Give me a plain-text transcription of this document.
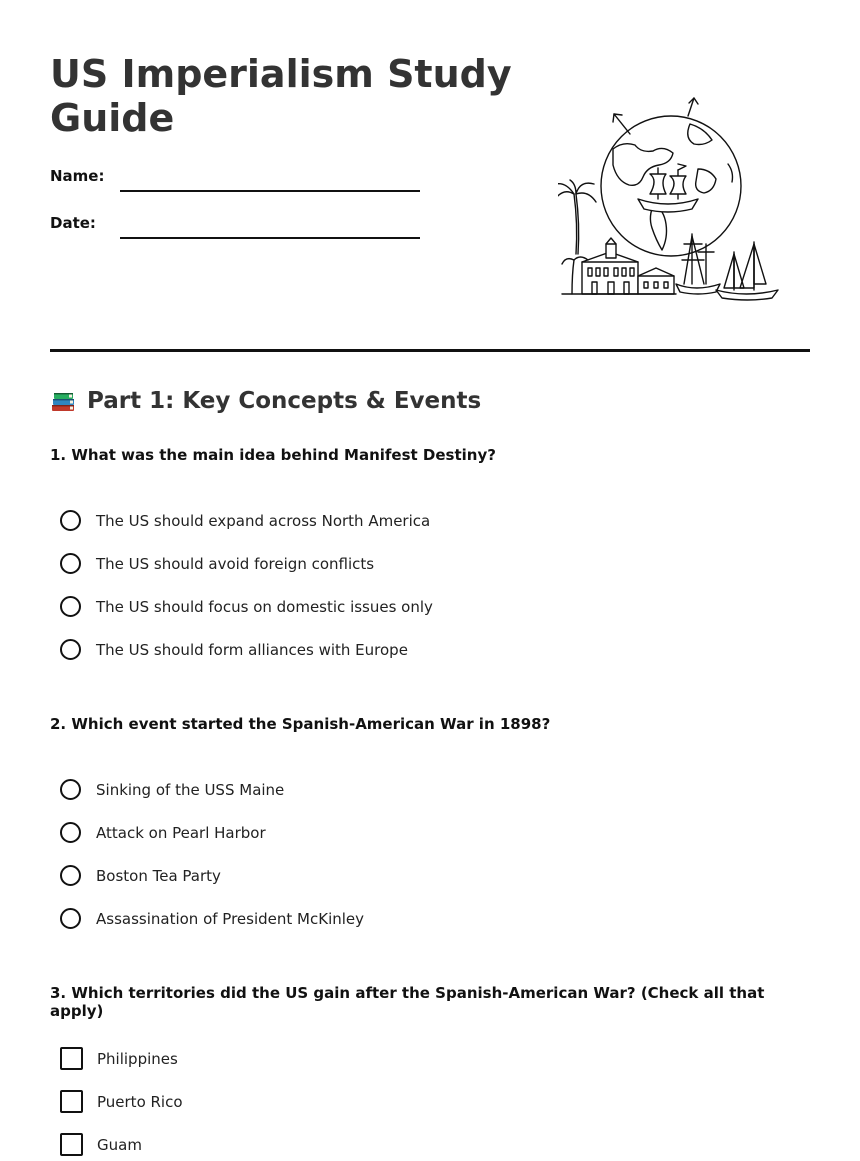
US Imperialism Study Guide
Name:
Date:
Part 1: Key Concepts & Events

1. What was the main idea behind Manifest Destiny?

The US should expand across North America
The US should avoid foreign conflicts
The US should focus on domestic issues only
The US should form alliances with Europe

2. Which event started the Spanish-American War in 1898?

Sinking of the USS Maine
Attack on Pearl Harbor
Boston Tea Party
Assassination of President McKinley

3. Which territories did the US gain after the Spanish-American War? (Check all that apply)

Philippines
Puerto Rico
Guam
